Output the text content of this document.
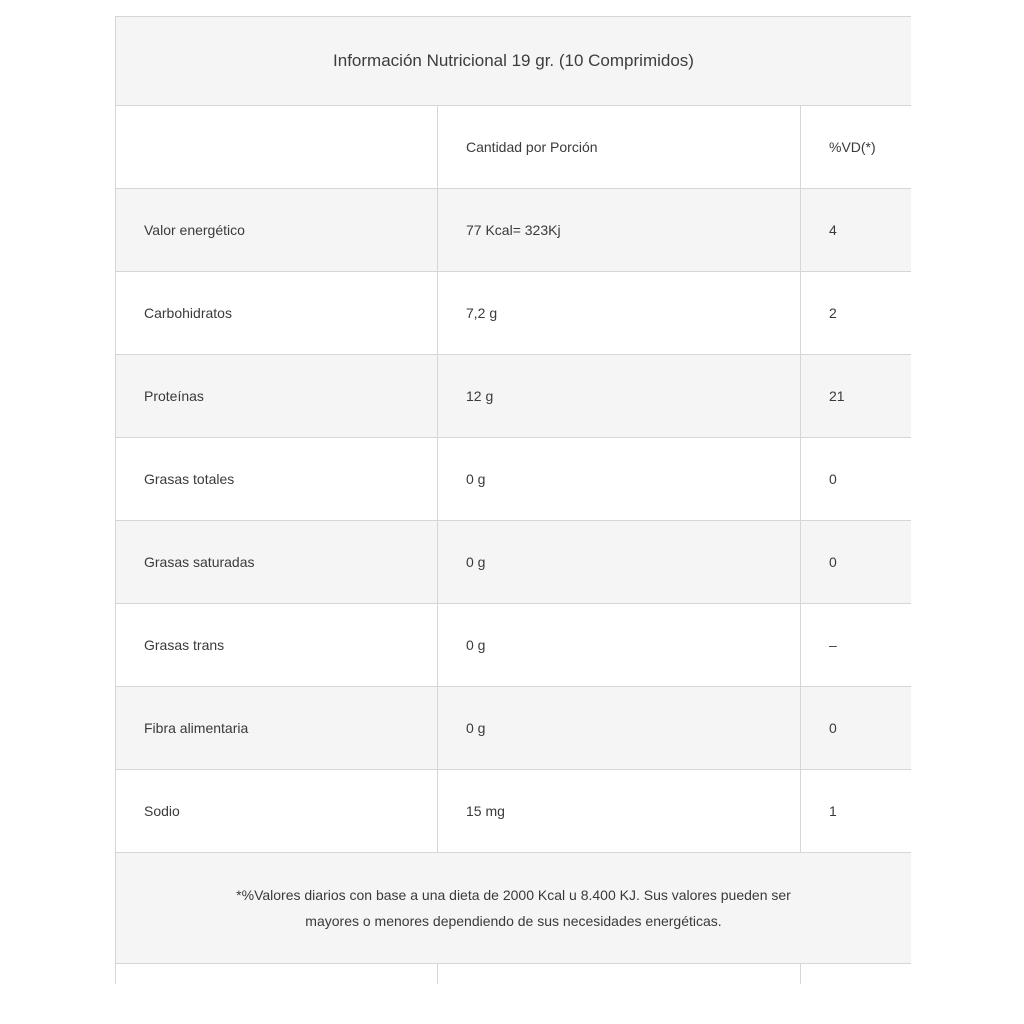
Información Nutricional 19 gr. (10 Comprimidos)		
	Cantidad por Porción	%VD(*)
Valor energético	77 Kcal= 323Kj	4
Carbohidratos	7,2 g	2
Proteínas	12 g	21
Grasas totales	0 g	0
Grasas saturadas	0 g	0
Grasas trans	0 g	–
Fibra alimentaria	0 g	0
Sodio	15 mg	1

*%Valores diarios con base a una dieta de 2000 Kcal u 8.400 KJ. Sus valores pueden ser
mayores o menores dependiendo de sus necesidades energéticas.		
